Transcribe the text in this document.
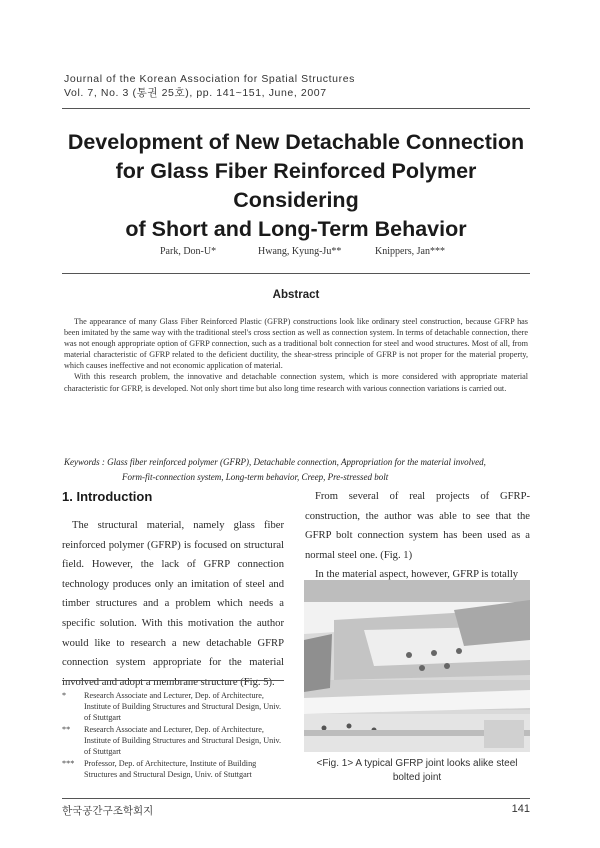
Journal of the Korean Association for Spatial Structures
Vol. 7, No. 3 (통권 25호), pp. 141~151, June, 2007
Development of New Detachable Connection
for Glass Fiber Reinforced Polymer Considering
of Short and Long-Term Behavior
Park, Don-U*	Hwang, Kyung-Ju**	Knippers, Jan***
Abstract

The appearance of many Glass Fiber Reinforced Plastic (GFRP) constructions look like ordinary steel construction, because GFRP has been imitated by the same way with the traditional steel's cross section as well as connection system. In terms of detachable connection, there was not enough appropriate option of GFRP connection, such as a traditional bolt connection for steel and wood structures. Most of all, from material characteristic of GFRP related to the deficient ductility, the shear-stress principle of GFRP is not proper for the material property, which causes ineffective and not economic application of material.

With this research problem, the innovative and detachable connection system, which is more considered with appropriate material characteristic for GFRP, is developed. Not only short time but also long time research with various connection variations is carried out.

Keywords : Glass fiber reinforced polymer (GFRP), Detachable connection, Appropriation for the material involved,
Form-fit-connection system, Long-term behavior, Creep, Pre-stressed bolt
1. Introduction

The structural material, namely glass fiber reinforced polymer (GFRP) is focused on structural field. However, the lack of GFRP connection technology produces only an imitation of steel and timber structures and a problem which needs a specific solution. With this motivation the author would like to research a new detachable GFRP connection system appropriate for the material involved and adopt a membrane structure (Fig. 5).

* Research Associate and Lecturer, Dep. of Architecture, Institute of Building Structures and Structural Design, Univ. of Stuttgart
** Research Associate and Lecturer, Dep. of Architecture, Institute of Building Structures and Structural Design, Univ. of Stuttgart
*** Professor, Dep. of Architecture, Institute of Building Structures and Structural Design, Univ. of Stuttgart

From several of real projects of GFRP-construction, the author was able to see that the GFRP bolt connection system has been used as a normal steel one. (Fig. 1)

In the material aspect, however, GFRP is totally

<Fig. 1> A typical GFRP joint looks alike steel
bolted joint
한국공간구조학회지	141
